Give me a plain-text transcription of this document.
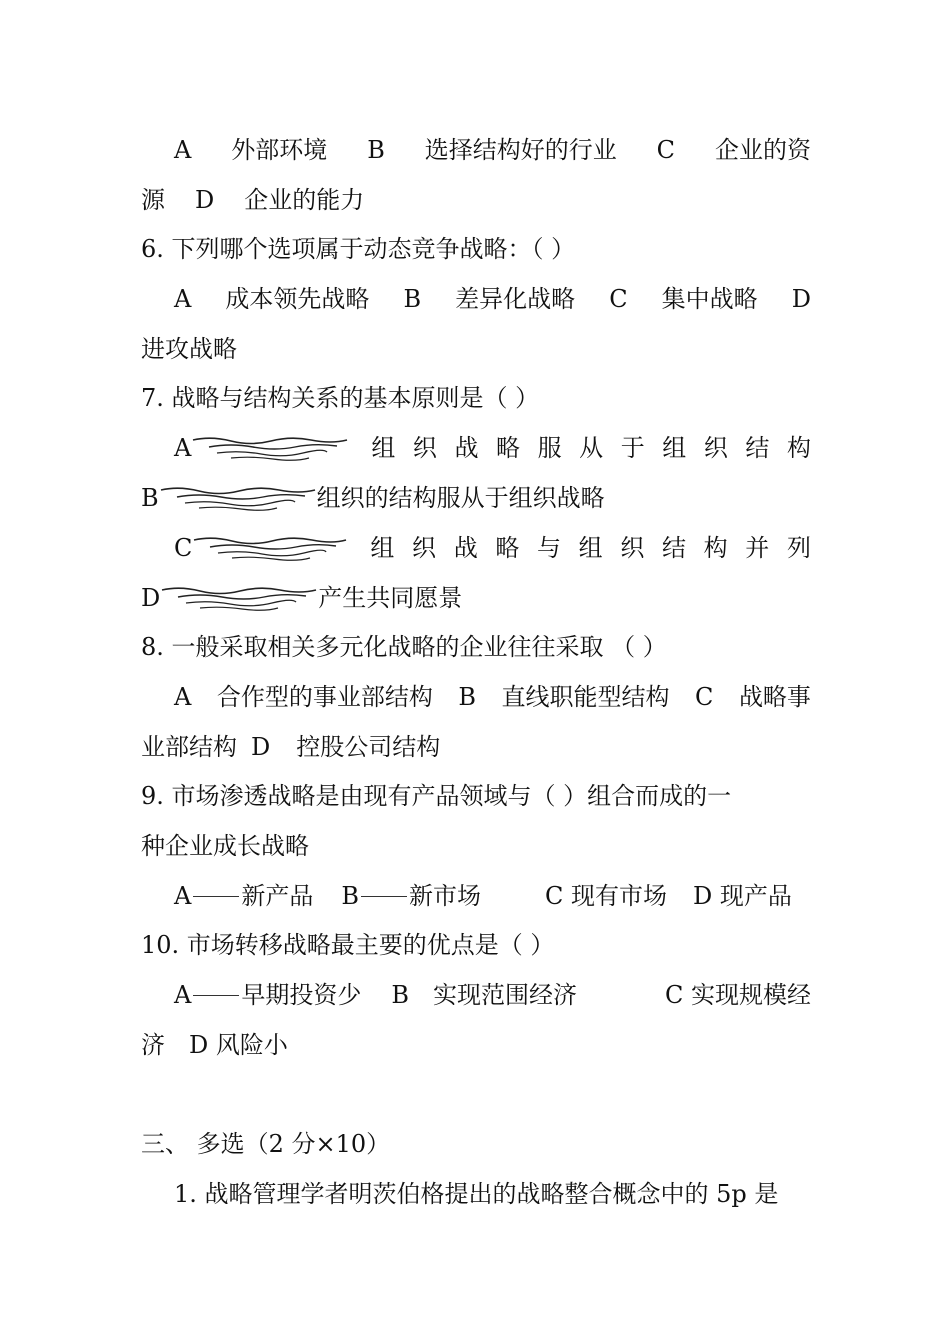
A 外部环境 B 选择结构好的行业 C 企业的资
源 D 企业的能力
6. 下列哪个选项属于动态竞争战略：（ ）
A 成本领先战略 B 差异化战略 C 集中战略 D
进攻战略
7. 战略与结构关系的基本原则是（ ）
A	组 织 战 略 服 从 于 组 织 结 构
B	组织的结构服从于组织战略
C	组 织 战 略 与 组 织 结 构 并 列
D	产生共同愿景
8. 一般采取相关多元化战略的企业往往采取 （ ）
A 合作型的事业部结构 B 直线职能型结构 C 战略事
业部结构 D 控股公司结构
9. 市场渗透战略是由现有产品领域与（ ）组合而成的一
种企业成长战略
A 新产品 B 新市场	C 现有市场 D 现产品
10. 市场转移战略最主要的优点是（ ）
A 早期投资少 B 实现范围经济	C 实现规模经
济 D 风险小
三、 多选（2 分×10）
1. 战略管理学者明茨伯格提出的战略整合概念中的 5p 是
